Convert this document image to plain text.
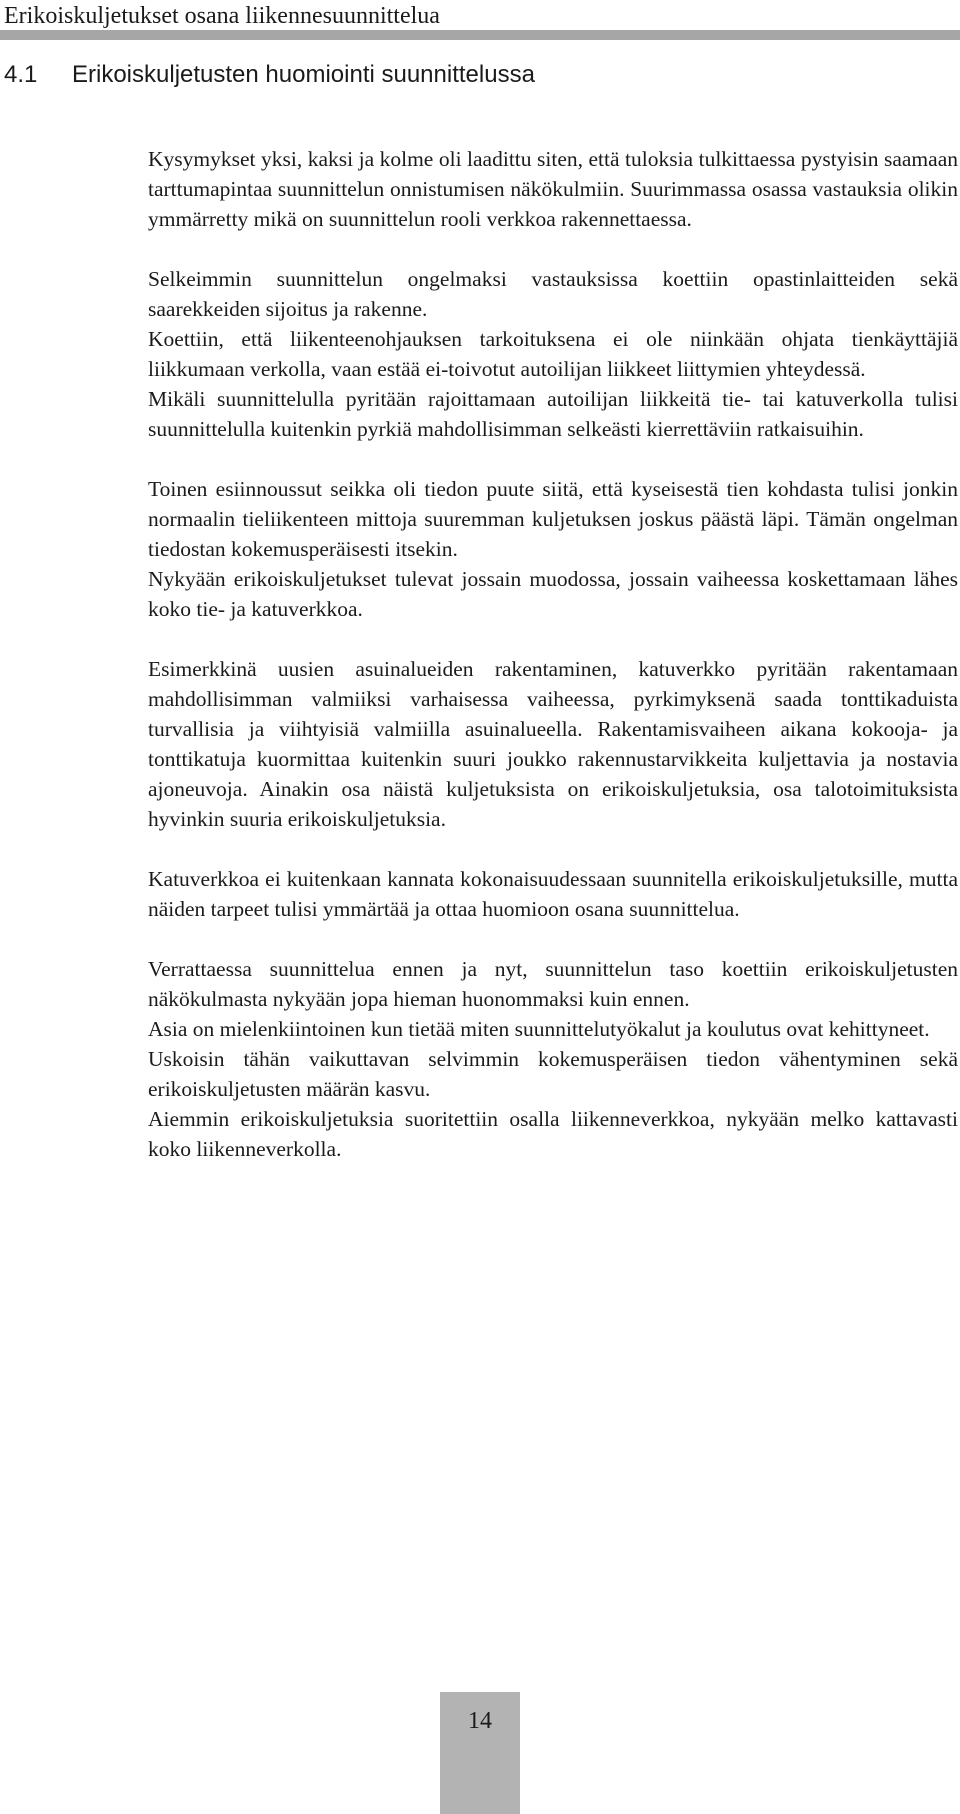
Erikoiskuljetukset osana liikennesuunnittelua
4.1	Erikoiskuljetusten huomiointi suunnittelussa

Kysymykset yksi, kaksi ja kolme oli laadittu siten, että tuloksia tulkittaessa pystyisin saamaan tarttumapintaa suunnittelun onnistumisen näkökulmiin. Suurimmassa osassa vastauksia olikin ymmärretty mikä on suunnittelun rooli verkkoa rakennettaessa.

Selkeimmin suunnittelun ongelmaksi vastauksissa koettiin opastinlaitteiden sekä saarekkeiden sijoitus ja rakenne.

Koettiin, että liikenteenohjauksen tarkoituksena ei ole niinkään ohjata tienkäyttäjiä liikkumaan verkolla, vaan estää ei-toivotut autoilijan liikkeet liittymien yhteydessä.

Mikäli suunnittelulla pyritään rajoittamaan autoilijan liikkeitä tie- tai katuverkolla tulisi suunnittelulla kuitenkin pyrkiä mahdollisimman selkeästi kierrettäviin ratkaisuihin.

Toinen esiinnoussut seikka oli tiedon puute siitä, että kyseisestä tien kohdasta tulisi jonkin normaalin tieliikenteen mittoja suuremman kuljetuksen joskus päästä läpi. Tämän ongelman tiedostan kokemusperäisesti itsekin.

Nykyään erikoiskuljetukset tulevat jossain muodossa, jossain vaiheessa koskettamaan lähes koko tie- ja katuverkkoa.

Esimerkkinä uusien asuinalueiden rakentaminen, katuverkko pyritään rakentamaan mahdollisimman valmiiksi varhaisessa vaiheessa, pyrkimyksenä saada tonttikaduista turvallisia ja viihtyisiä valmiilla asuinalueella. Rakentamisvaiheen aikana kokooja- ja tonttikatuja kuormittaa kuitenkin suuri joukko rakennustarvikkeita kuljettavia ja nostavia ajoneuvoja. Ainakin osa näistä kuljetuksista on erikoiskuljetuksia, osa talotoimituksista hyvinkin suuria erikoiskuljetuksia.

Katuverkkoa ei kuitenkaan kannata kokonaisuudessaan suunnitella erikoiskuljetuksille, mutta näiden tarpeet tulisi ymmärtää ja ottaa huomioon osana suunnittelua.

Verrattaessa suunnittelua ennen ja nyt, suunnittelun taso koettiin erikoiskuljetusten näkökulmasta nykyään jopa hieman huonommaksi kuin ennen.

Asia on mielenkiintoinen kun tietää miten suunnittelutyökalut ja koulutus ovat kehittyneet.

Uskoisin tähän vaikuttavan selvimmin kokemusperäisen tiedon vähentyminen sekä erikoiskuljetusten määrän kasvu.

Aiemmin erikoiskuljetuksia suoritettiin osalla liikenneverkkoa, nykyään melko kattavasti koko liikenneverkolla.

14
